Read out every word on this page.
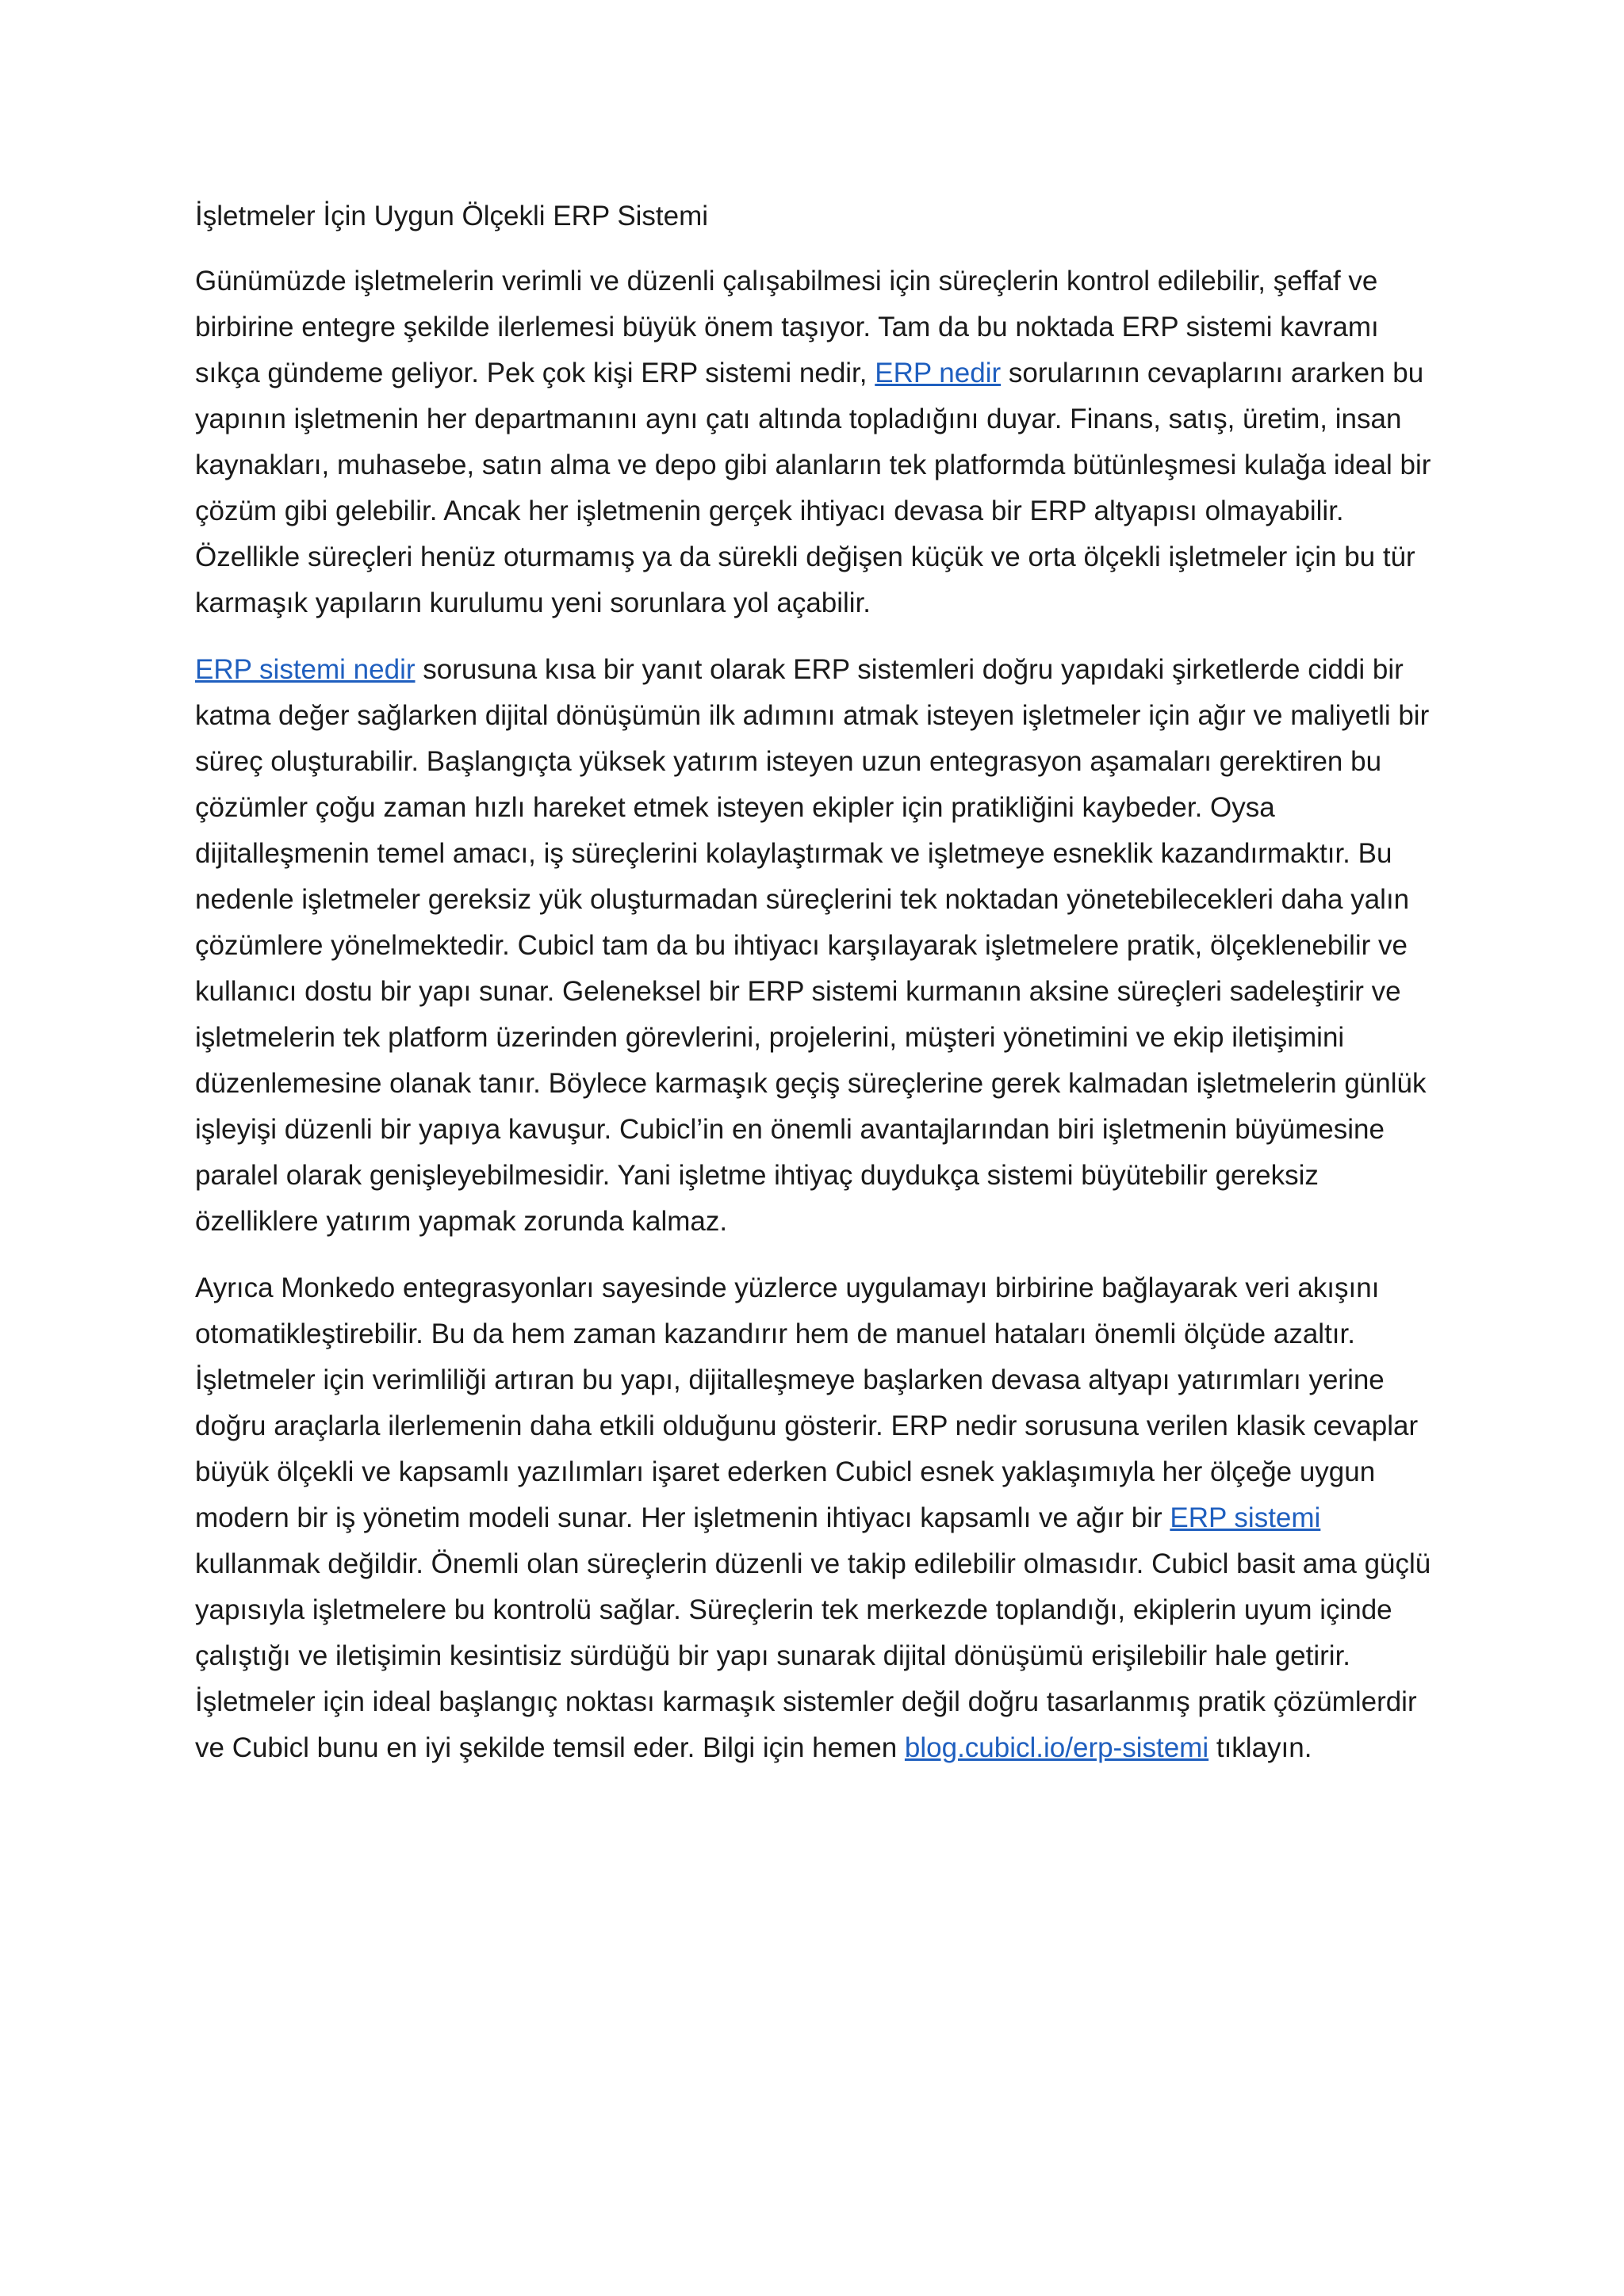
İşletmeler İçin Uygun Ölçekli ERP Sistemi

Günümüzde işletmelerin verimli ve düzenli çalışabilmesi için süreçlerin kontrol edilebilir, şeffaf ve birbirine entegre şekilde ilerlemesi büyük önem taşıyor. Tam da bu noktada ERP sistemi kavramı sıkça gündeme geliyor. Pek çok kişi ERP sistemi nedir, ERP nedir sorularının cevaplarını ararken bu yapının işletmenin her departmanını aynı çatı altında topladığını duyar. Finans, satış, üretim, insan kaynakları, muhasebe, satın alma ve depo gibi alanların tek platformda bütünleşmesi kulağa ideal bir çözüm gibi gelebilir. Ancak her işletmenin gerçek ihtiyacı devasa bir ERP altyapısı olmayabilir. Özellikle süreçleri henüz oturmamış ya da sürekli değişen küçük ve orta ölçekli işletmeler için bu tür karmaşık yapıların kurulumu yeni sorunlara yol açabilir.

ERP sistemi nedir sorusuna kısa bir yanıt olarak ERP sistemleri doğru yapıdaki şirketlerde ciddi bir katma değer sağlarken dijital dönüşümün ilk adımını atmak isteyen işletmeler için ağır ve maliyetli bir süreç oluşturabilir. Başlangıçta yüksek yatırım isteyen uzun entegrasyon aşamaları gerektiren bu çözümler çoğu zaman hızlı hareket etmek isteyen ekipler için pratikliğini kaybeder. Oysa dijitalleşmenin temel amacı, iş süreçlerini kolaylaştırmak ve işletmeye esneklik kazandırmaktır. Bu nedenle işletmeler gereksiz yük oluşturmadan süreçlerini tek noktadan yönetebilecekleri daha yalın çözümlere yönelmektedir. Cubicl tam da bu ihtiyacı karşılayarak işletmelere pratik, ölçeklenebilir ve kullanıcı dostu bir yapı sunar. Geleneksel bir ERP sistemi kurmanın aksine süreçleri sadeleştirir ve işletmelerin tek platform üzerinden görevlerini, projelerini, müşteri yönetimini ve ekip iletişimini düzenlemesine olanak tanır. Böylece karmaşık geçiş süreçlerine gerek kalmadan işletmelerin günlük işleyişi düzenli bir yapıya kavuşur. Cubicl’in en önemli avantajlarından biri işletmenin büyümesine paralel olarak genişleyebilmesidir. Yani işletme ihtiyaç duydukça sistemi büyütebilir gereksiz özelliklere yatırım yapmak zorunda kalmaz.

Ayrıca Monkedo entegrasyonları sayesinde yüzlerce uygulamayı birbirine bağlayarak veri akışını otomatikleştirebilir. Bu da hem zaman kazandırır hem de manuel hataları önemli ölçüde azaltır. İşletmeler için verimliliği artıran bu yapı, dijitalleşmeye başlarken devasa altyapı yatırımları yerine doğru araçlarla ilerlemenin daha etkili olduğunu gösterir. ERP nedir sorusuna verilen klasik cevaplar büyük ölçekli ve kapsamlı yazılımları işaret ederken Cubicl esnek yaklaşımıyla her ölçeğe uygun modern bir iş yönetim modeli sunar. Her işletmenin ihtiyacı kapsamlı ve ağır bir ERP sistemi kullanmak değildir. Önemli olan süreçlerin düzenli ve takip edilebilir olmasıdır. Cubicl basit ama güçlü yapısıyla işletmelere bu kontrolü sağlar. Süreçlerin tek merkezde toplandığı, ekiplerin uyum içinde çalıştığı ve iletişimin kesintisiz sürdüğü bir yapı sunarak dijital dönüşümü erişilebilir hale getirir. İşletmeler için ideal başlangıç noktası karmaşık sistemler değil doğru tasarlanmış pratik çözümlerdir ve Cubicl bunu en iyi şekilde temsil eder. Bilgi için hemen blog.cubicl.io/erp-sistemi tıklayın.
